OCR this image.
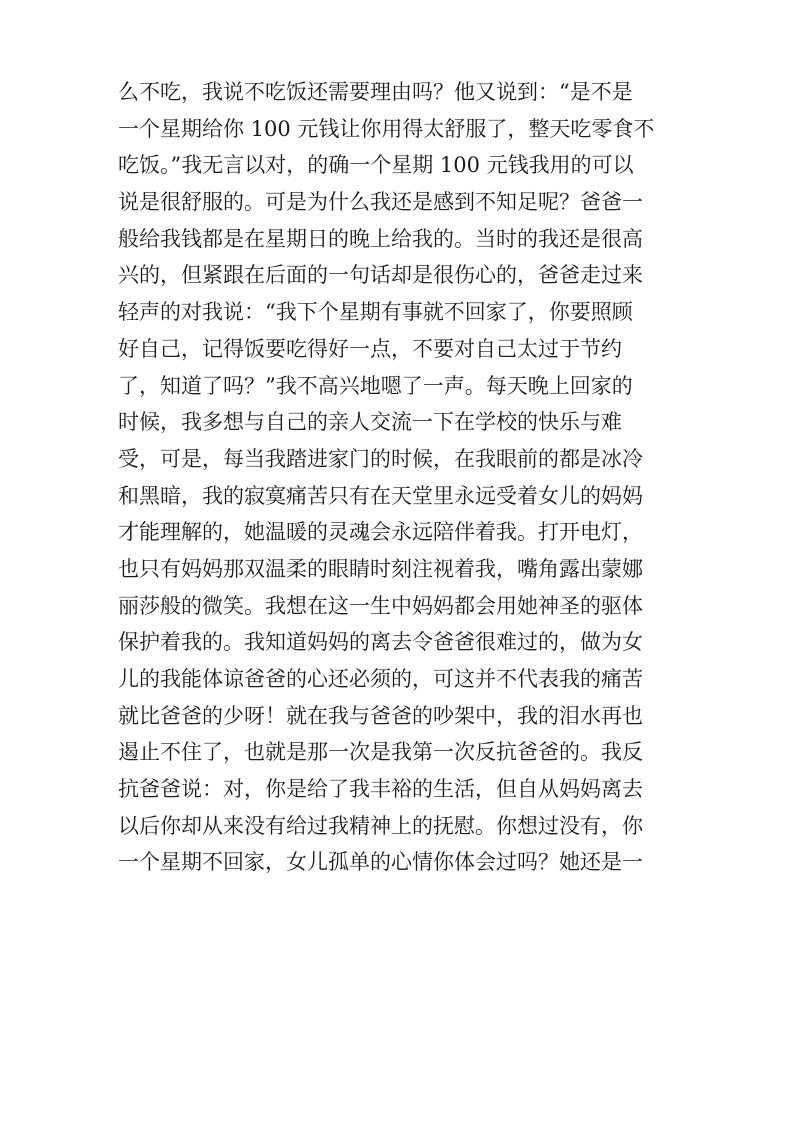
么不吃，我说不吃饭还需要理由吗？他又说到：“是不是
一个星期给你 100 元钱让你用得太舒服了，整天吃零食不
吃饭。”我无言以对，的确一个星期 100 元钱我用的可以
说是很舒服的。可是为什么我还是感到不知足呢？爸爸一
般给我钱都是在星期日的晚上给我的。当时的我还是很高
兴的，但紧跟在后面的一句话却是很伤心的，爸爸走过来
轻声的对我说：“我下个星期有事就不回家了，你要照顾
好自己，记得饭要吃得好一点，不要对自己太过于节约
了，知道了吗？”我不高兴地嗯了一声。每天晚上回家的
时候，我多想与自己的亲人交流一下在学校的快乐与难
受，可是，每当我踏进家门的时候，在我眼前的都是冰冷
和黑暗，我的寂寞痛苦只有在天堂里永远受着女儿的妈妈
才能理解的，她温暖的灵魂会永远陪伴着我。打开电灯，
也只有妈妈那双温柔的眼睛时刻注视着我，嘴角露出蒙娜
丽莎般的微笑。我想在这一生中妈妈都会用她神圣的驱体
保护着我的。我知道妈妈的离去令爸爸很难过的，做为女
儿的我能体谅爸爸的心还必须的，可这并不代表我的痛苦
就比爸爸的少呀！就在我与爸爸的吵架中，我的泪水再也
遏止不住了，也就是那一次是我第一次反抗爸爸的。我反
抗爸爸说：对，你是给了我丰裕的生活，但自从妈妈离去
以后你却从来没有给过我精神上的抚慰。你想过没有，你
一个星期不回家，女儿孤单的心情你体会过吗？她还是一
